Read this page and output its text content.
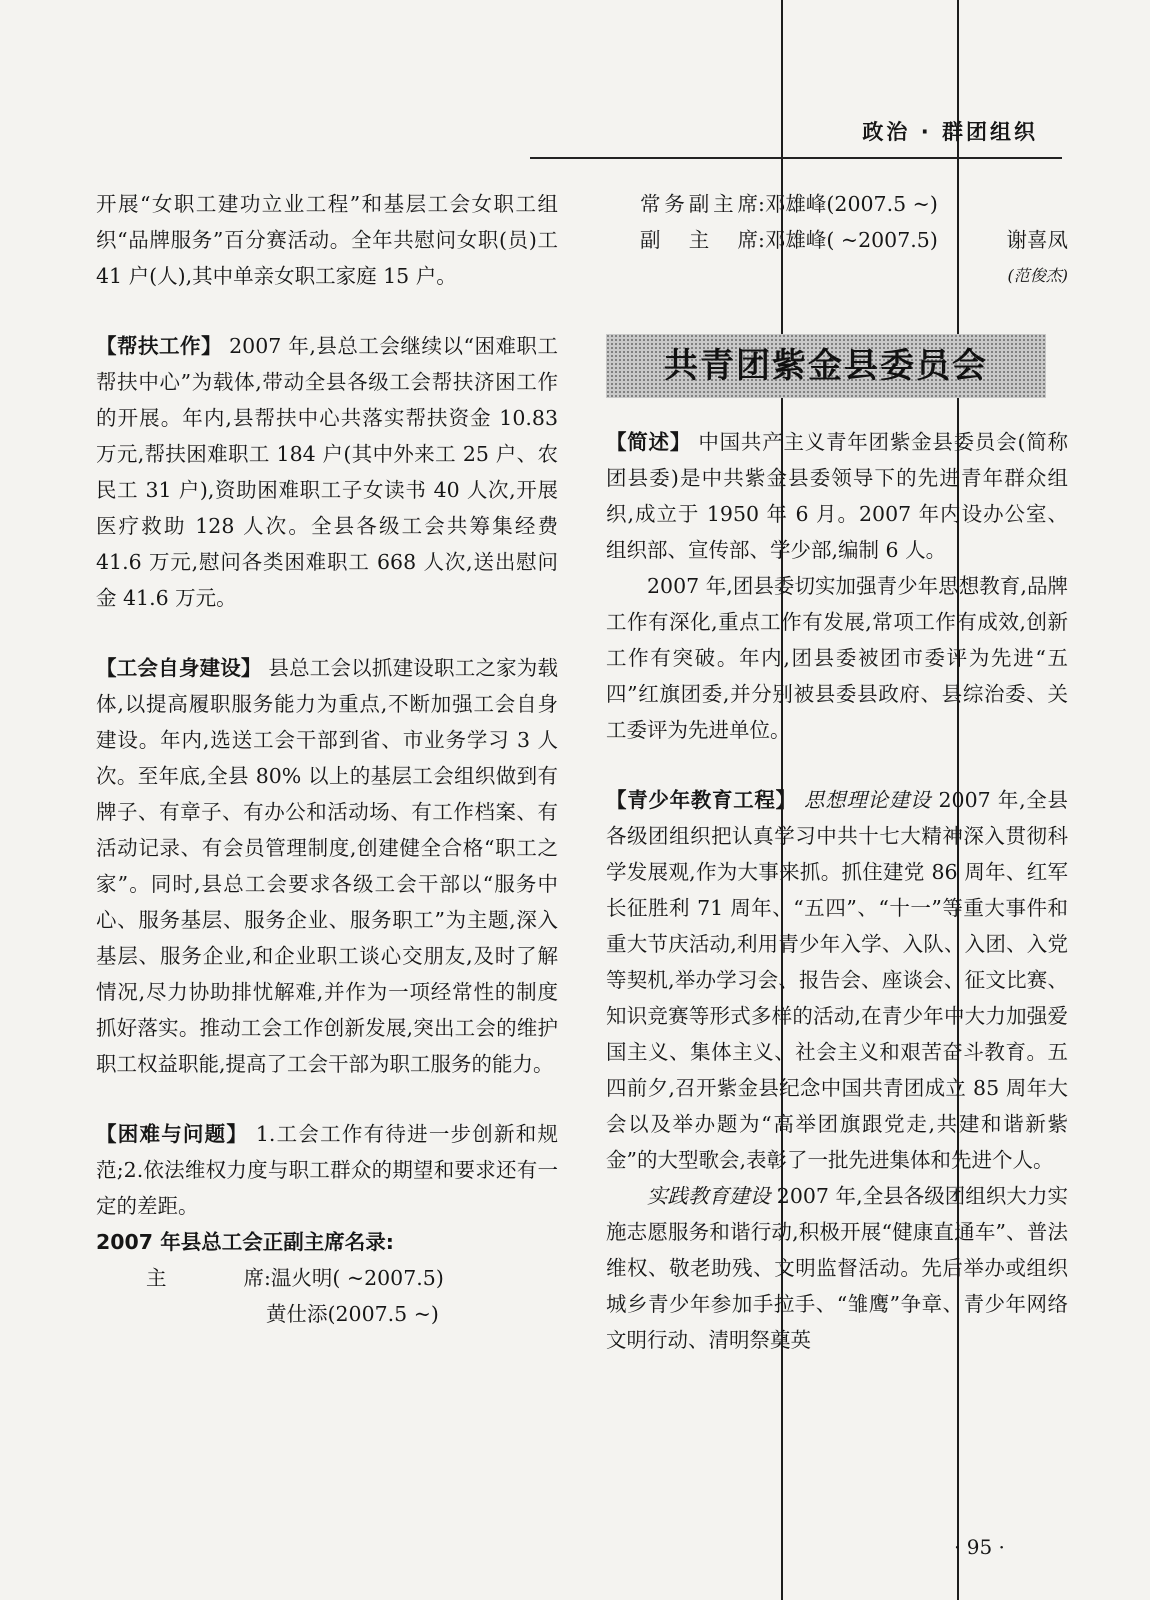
政治 · 群团组织

开展“女职工建功立业工程”和基层工会女职工组织“品牌服务”百分赛活动。全年共慰问女职(员)工 41 户(人),其中单亲女职工家庭 15 户。

【帮扶工作】 2007 年,县总工会继续以“困难职工帮扶中心”为载体,带动全县各级工会帮扶济困工作的开展。年内,县帮扶中心共落实帮扶资金 10.83 万元,帮扶困难职工 184 户(其中外来工 25 户、农民工 31 户),资助困难职工子女读书 40 人次,开展医疗救助 128 人次。全县各级工会共筹集经费 41.6 万元,慰问各类困难职工 668 人次,送出慰问金 41.6 万元。

【工会自身建设】 县总工会以抓建设职工之家为载体,以提高履职服务能力为重点,不断加强工会自身建设。年内,选送工会干部到省、市业务学习 3 人次。至年底,全县 80% 以上的基层工会组织做到有牌子、有章子、有办公和活动场、有工作档案、有活动记录、有会员管理制度,创建健全合格“职工之家”。同时,县总工会要求各级工会干部以“服务中心、服务基层、服务企业、服务职工”为主题,深入基层、服务企业,和企业职工谈心交朋友,及时了解情况,尽力协助排忧解难,并作为一项经常性的制度抓好落实。推动工会工作创新发展,突出工会的维护职工权益职能,提高了工会干部为职工服务的能力。

【困难与问题】 1.工会工作有待进一步创新和规范;2.依法维权力度与职工群众的期望和要求还有一定的差距。

2007 年县总工会正副主席名录:
主席 :温火明( ~2007.5)
黄仕添(2007.5 ~)
常务副主席 :邓雄峰(2007.5 ~)
副主席:邓雄峰( ~2007.5)	谢喜凤
(范俊杰)
共青团紫金县委员会

【简述】 中国共产主义青年团紫金县委员会(简称团县委)是中共紫金县委领导下的先进青年群众组织,成立于 1950 年 6 月。2007 年内设办公室、组织部、宣传部、学少部,编制 6 人。

2007 年,团县委切实加强青少年思想教育,品牌工作有深化,重点工作有发展,常项工作有成效,创新工作有突破。年内,团县委被团市委评为先进“五四”红旗团委,并分别被县委县政府、县综治委、关工委评为先进单位。

【青少年教育工程】 思想理论建设 2007 年,全县各级团组织把认真学习中共十七大精神深入贯彻科学发展观,作为大事来抓。抓住建党 86 周年、红军长征胜利 71 周年、“五四”、“十一”等重大事件和重大节庆活动,利用青少年入学、入队、入团、入党等契机,举办学习会、报告会、座谈会、征文比赛、知识竞赛等形式多样的活动,在青少年中大力加强爱国主义、集体主义、社会主义和艰苦奋斗教育。五四前夕,召开紫金县纪念中国共青团成立 85 周年大会以及举办题为“高举团旗跟党走,共建和谐新紫金”的大型歌会,表彰了一批先进集体和先进个人。

实践教育建设 2007 年,全县各级团组织大力实施志愿服务和谐行动,积极开展“健康直通车”、普法维权、敬老助残、文明监督活动。先后举办或组织城乡青少年参加手拉手、“雏鹰”争章、青少年网络文明行动、清明祭奠英

· 95 ·
